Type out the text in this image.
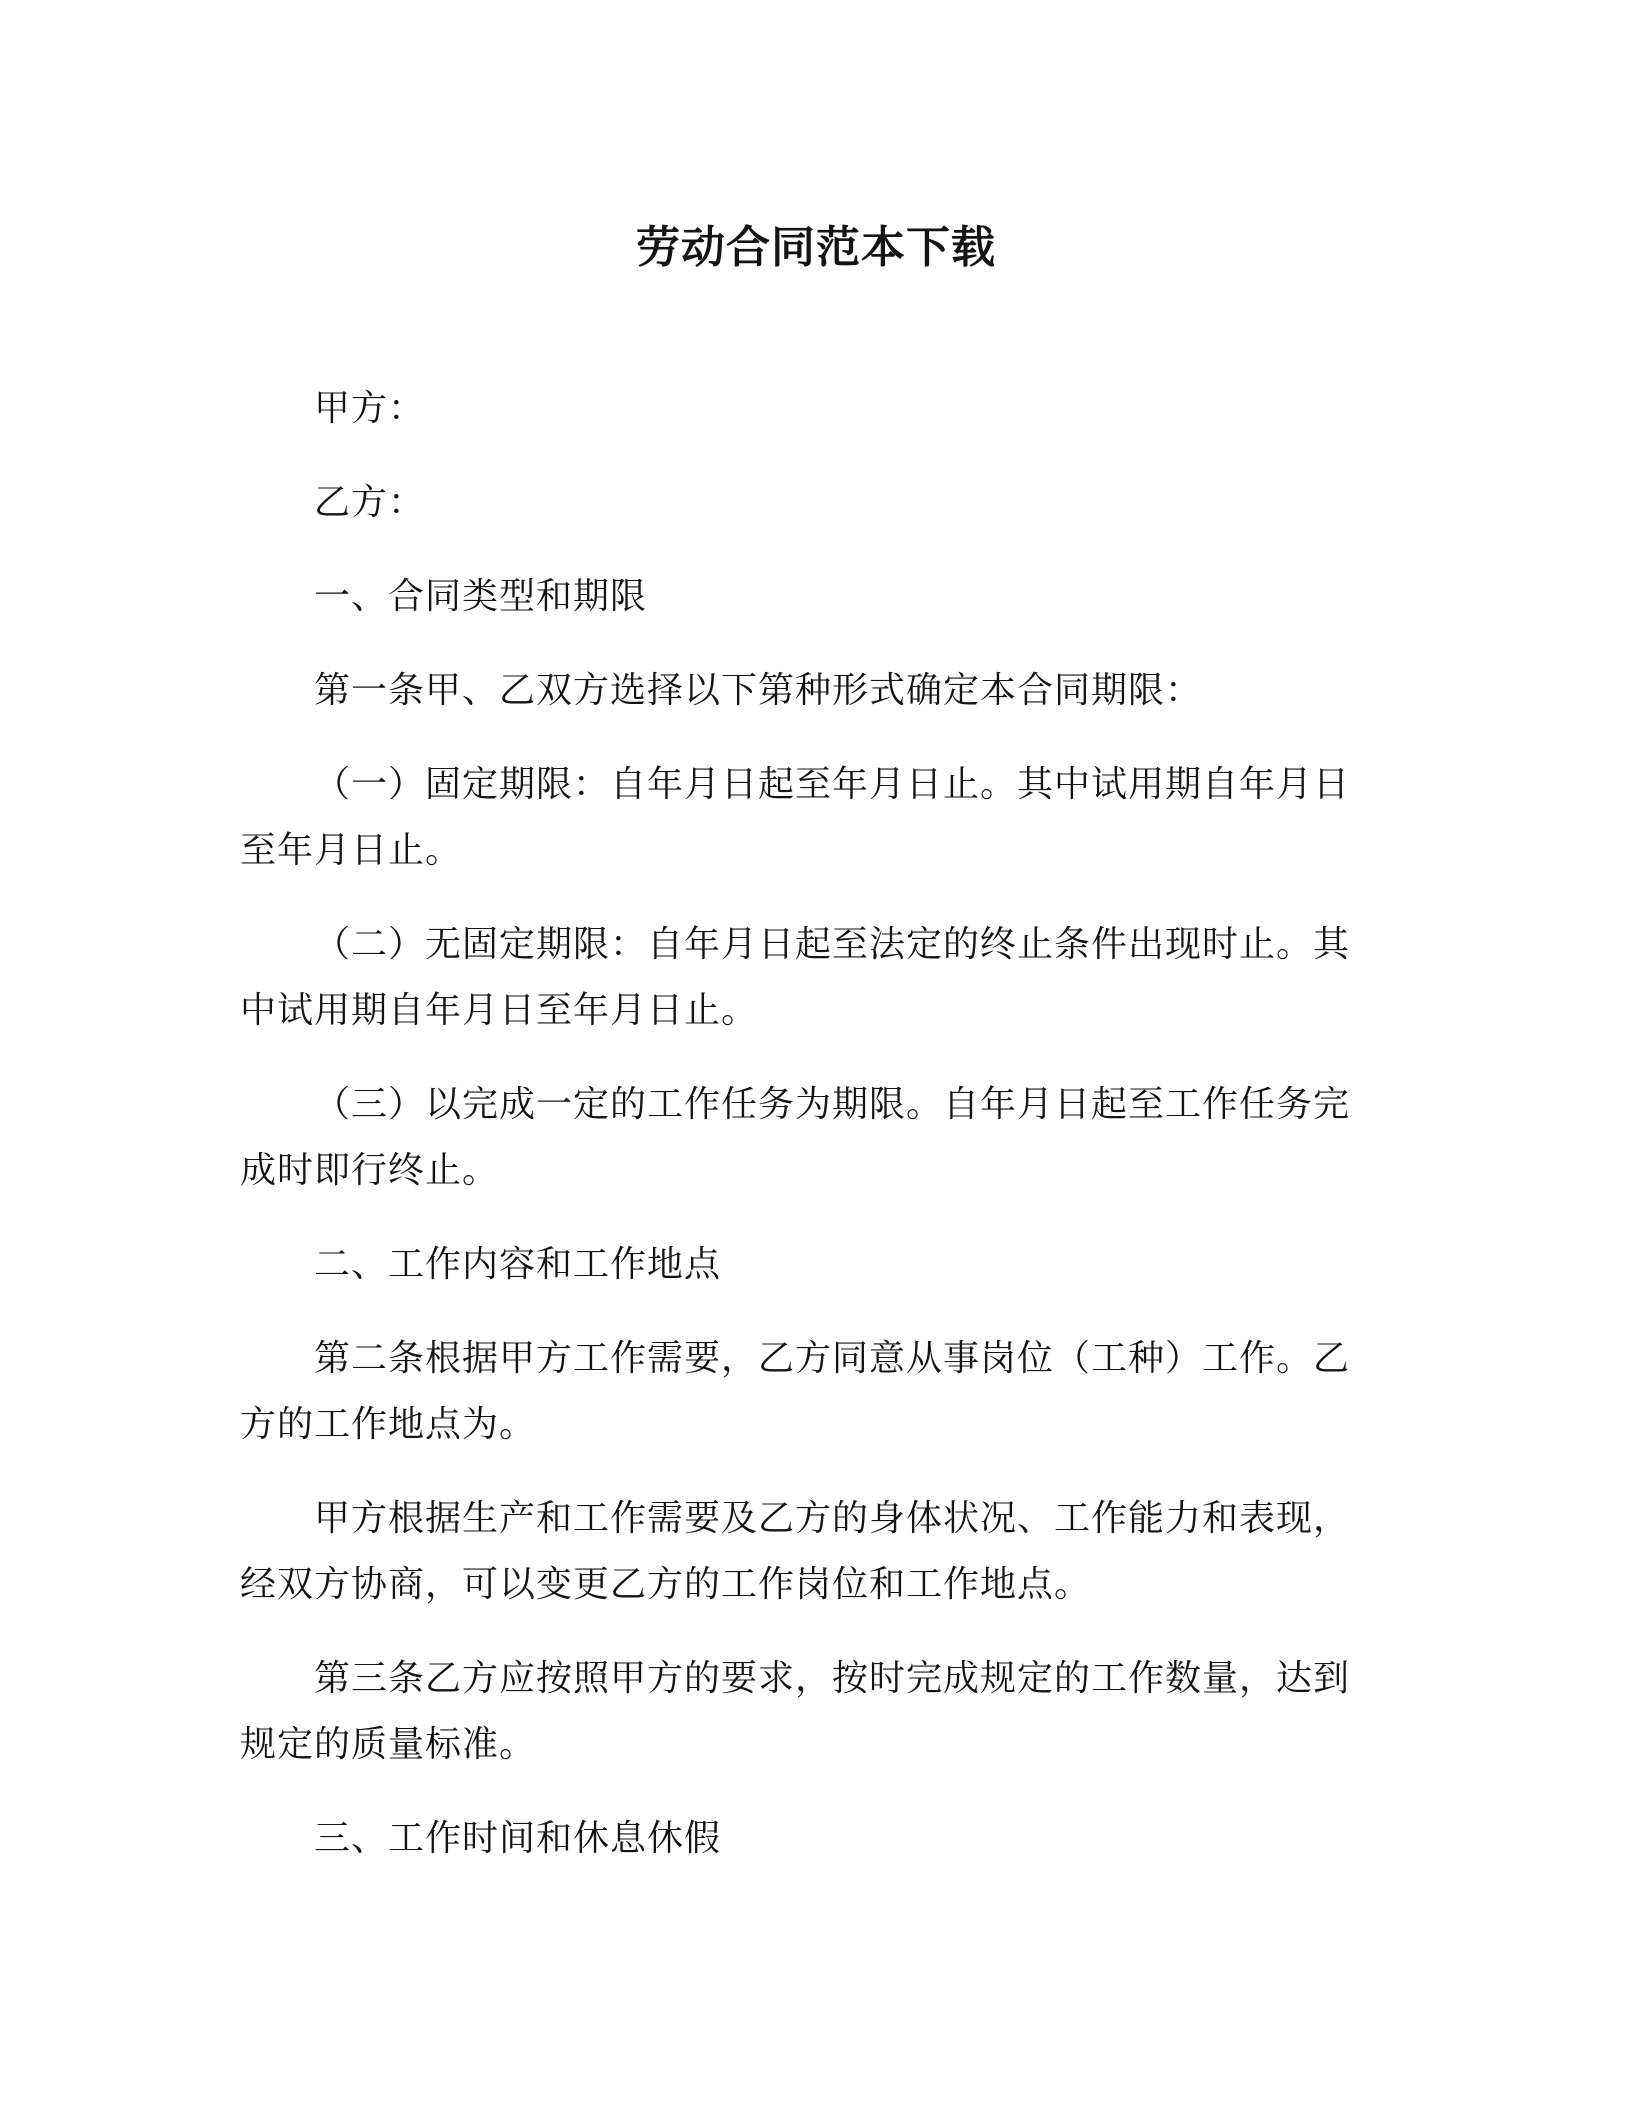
劳动合同范本下载
甲方：
乙方：
一、合同类型和期限
第一条甲、乙双方选择以下第种形式确定本合同期限：
（一）固定期限：自年月日起至年月日止。其中试用期自年月日至年月日止。
（二）无固定期限：自年月日起至法定的终止条件出现时止。其中试用期自年月日至年月日止。
（三）以完成一定的工作任务为期限。自年月日起至工作任务完成时即行终止。
二、工作内容和工作地点
第二条根据甲方工作需要，乙方同意从事岗位（工种）工作。乙方的工作地点为。
甲方根据生产和工作需要及乙方的身体状况、工作能力和表现，经双方协商，可以变更乙方的工作岗位和工作地点。
第三条乙方应按照甲方的要求，按时完成规定的工作数量，达到规定的质量标准。
三、工作时间和休息休假
